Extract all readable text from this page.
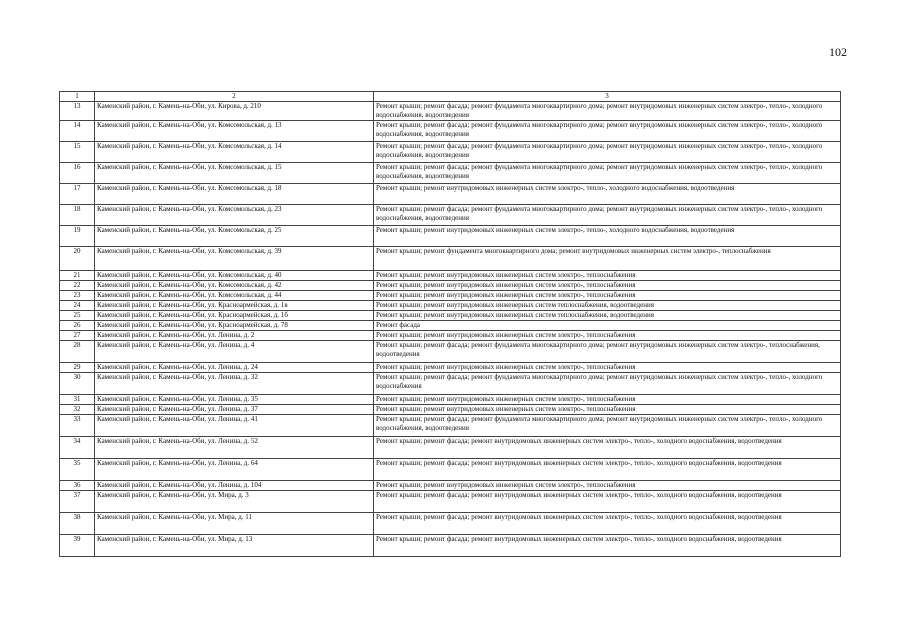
102
1	2	3
13	Каменский район, г. Камень-на-Оби, ул. Кирова, д. 210	Ремонт крыши; ремонт фасада; ремонт фундамента многоквартирного дома; ремонт внутридомовых инженерных систем электро-, тепло-, холодного водоснабжения, водоотведения
14	Каменский район, г. Камень-на-Оби, ул. Комсомольская, д. 13	Ремонт крыши; ремонт фасада; ремонт фундамента многоквартирного дома; ремонт внутридомовых инженерных систем электро-, тепло-, холодного водоснабжения, водоотведения
15	Каменский район, г. Камень-на-Оби, ул. Комсомольская, д. 14	Ремонт крыши; ремонт фасада; ремонт фундамента многоквартирного дома; ремонт внутридомовых инженерных систем электро-, тепло-, холодного водоснабжения, водоотведения
16	Каменский район, г. Камень-на-Оби, ул. Комсомольская, д. 15	Ремонт крыши; ремонт фасада; ремонт фундамента многоквартирного дома; ремонт внутридомовых инженерных систем электро-, тепло-, холодного водоснабжения, водоотведения
17	Каменский район, г. Камень-на-Оби, ул. Комсомольская, д. 18	Ремонт крыши; ремонт внутридомовых инженерных систем электро-, тепло-, холодного водоснабжения, водоотведения
18	Каменский район, г. Камень-на-Оби, ул. Комсомольская, д. 23	Ремонт крыши; ремонт фасада; ремонт фундамента многоквартирного дома; ремонт внутридомовых инженерных систем электро-, тепло-, холодного водоснабжения, водоотведения
19	Каменский район, г. Камень-на-Оби, ул. Комсомольская, д. 25	Ремонт крыши; ремонт внутридомовых инженерных систем электро-, тепло-, холодного водоснабжения, водоотведения
20	Каменский район, г. Камень-на-Оби, ул. Комсомольская, д. 39	Ремонт крыши; ремонт фундамента многоквартирного дома; ремонт внутридомовых инженерных систем электро-, теплоснабжения
21	Каменский район, г. Камень-на-Оби, ул. Комсомольская, д. 40	Ремонт крыши; ремонт внутридомовых инженерных систем электро-, теплоснабжения
22	Каменский район, г. Камень-на-Оби, ул. Комсомольская, д. 42	Ремонт крыши; ремонт внутридомовых инженерных систем электро-, теплоснабжения
23	Каменский район, г. Камень-на-Оби, ул. Комсомольская, д. 44	Ремонт крыши; ремонт внутридомовых инженерных систем электро-, теплоснабжения
24	Каменский район, г. Камень-на-Оби, ул. Красноармейская, д. 1в	Ремонт крыши; ремонт внутридомовых инженерных систем теплоснабжения, водоотведения
25	Каменский район, г. Камень-на-Оби, ул. Красноармейская, д. 1б	Ремонт крыши; ремонт внутридомовых инженерных систем теплоснабжения, водоотведения
26	Каменский район, г. Камень-на-Оби, ул. Красноармейская, д. 78	Ремонт фасада
27	Каменский район, г. Камень-на-Оби, ул. Ленина, д. 2	Ремонт крыши; ремонт внутридомовых инженерных систем электро-, теплоснабжения
28	Каменский район, г. Камень-на-Оби, ул. Ленина, д. 4	Ремонт крыши; ремонт фасада; ремонт фундамента многоквартирного дома; ремонт внутридомовых инженерных систем электро-, теплоснабжения, водоотведения
29	Каменский район, г. Камень-на-Оби, ул. Ленина, д. 24	Ремонт крыши; ремонт внутридомовых инженерных систем электро-, теплоснабжения
30	Каменский район, г. Камень-на-Оби, ул. Ленина, д. 32	Ремонт крыши; ремонт фасада; ремонт фундамента многоквартирного дома; ремонт внутридомовых инженерных систем электро-, тепло-, холодного водоснабжения
31	Каменский район, г. Камень-на-Оби, ул. Ленина, д. 35	Ремонт крыши; ремонт внутридомовых инженерных систем электро-, теплоснабжения
32	Каменский район, г. Камень-на-Оби, ул. Ленина, д. 37	Ремонт крыши; ремонт внутридомовых инженерных систем электро-, теплоснабжения
33	Каменский район, г. Камень-на-Оби, ул. Ленина, д. 41	Ремонт крыши; ремонт фасада; ремонт фундамента многоквартирного дома; ремонт внутридомовых инженерных систем электро-, тепло-, холодного водоснабжения, водоотведения
34	Каменский район, г. Камень-на-Оби, ул. Ленина, д. 52	Ремонт крыши; ремонт фасада; ремонт внутридомовых инженерных систем электро-, тепло-, холодного водоснабжения, водоотведения
35	Каменский район, г. Камень-на-Оби, ул. Ленина, д. 64	Ремонт крыши; ремонт фасада; ремонт внутридомовых инженерных систем электро-, тепло-, холодного водоснабжения, водоотведения
36	Каменский район, г. Камень-на-Оби, ул. Ленина, д. 104	Ремонт крыши; ремонт внутридомовых инженерных систем электро-, теплоснабжения
37	Каменский район, г. Камень-на-Оби, ул. Мира, д. 3	Ремонт крыши; ремонт фасада; ремонт внутридомовых инженерных систем электро-, тепло-, холодного водоснабжения, водоотведения
38	Каменский район, г. Камень-на-Оби, ул. Мира, д. 11	Ремонт крыши; ремонт фасада; ремонт внутридомовых инженерных систем электро-, тепло-, холодного водоснабжения, водоотведения
39	Каменский район, г. Камень-на-Оби, ул. Мира, д. 13	Ремонт крыши; ремонт фасада; ремонт внутридомовых инженерных систем электро-, тепло-, холодного водоснабжения, водоотведения
